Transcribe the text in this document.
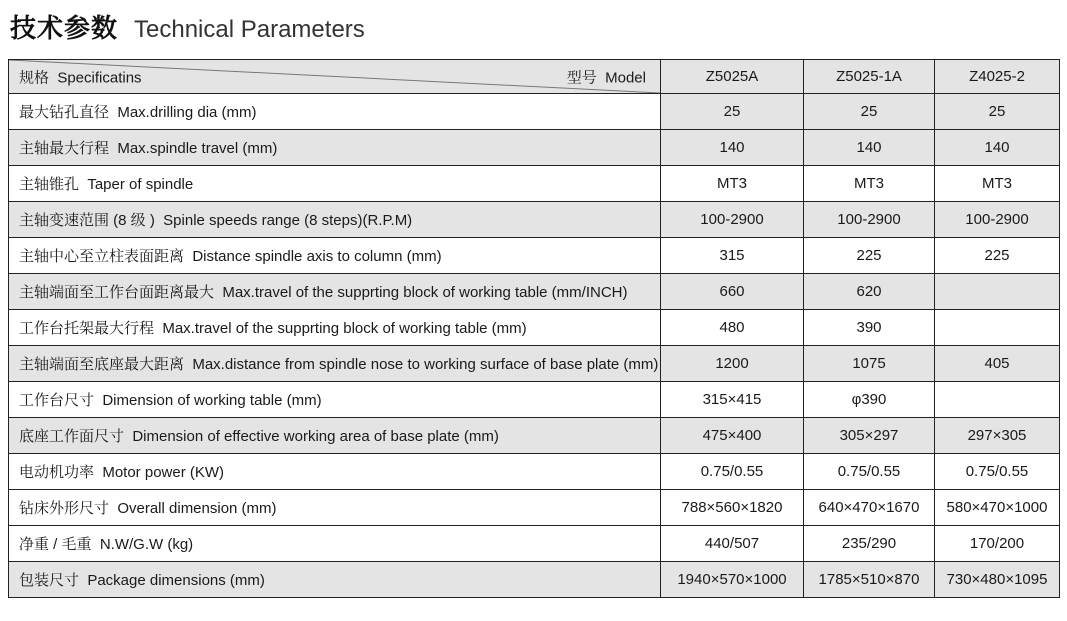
技术参数 Technical Parameters
规格  Specificatins 型号  Model	Z5025A	Z5025-1A	Z4025-2
最大钻孔直径  Max.drilling dia (mm)	25	25	25
主轴最大行程  Max.spindle travel (mm)	140	140	140
主轴锥孔  Taper of spindle	MT3	MT3	MT3
主轴变速范围 (8 级 )  Spinle speeds range (8 steps)(R.P.M)	100-2900	100-2900	100-2900
主轴中心至立柱表面距离  Distance spindle axis to column (mm)	315	225	225
主轴端面至工作台面距离最大  Max.travel of the supprting block of working table (mm/INCH)	660	620	
工作台托架最大行程  Max.travel of the supprting block of working table (mm)	480	390	
主轴端面至底座最大距离  Max.distance from spindle nose to working surface of base plate (mm)	1200	1075	405
工作台尺寸  Dimension of working table (mm)	315×415	φ390	
底座工作面尺寸  Dimension of effective working area of base plate (mm)	475×400	305×297	297×305
电动机功率  Motor power (KW)	0.75/0.55	0.75/0.55	0.75/0.55
钻床外形尺寸  Overall dimension (mm)	788×560×1820	640×470×1670	580×470×1000
净重 / 毛重  N.W/G.W (kg)	440/507	235/290	170/200
包装尺寸  Package dimensions (mm)	1940×570×1000	1785×510×870	730×480×1095
